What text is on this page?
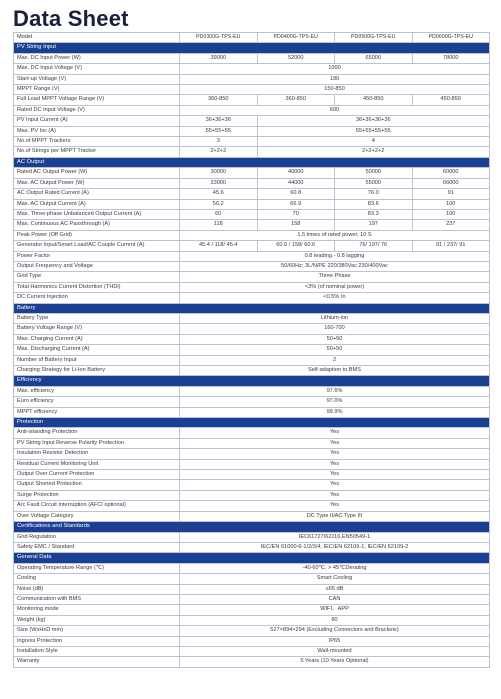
Data Sheet
Model	PD0300G-TPS-EU	PD0400G-TPS-EU	PD0500G-TPS-EU	PD0600G-TPS-EU
PV String Input				
Max. DC Input Power (W)	39000	52000	65000	78000
Max. DC Input Voltage (V)	1000			
Start-up Voltage (V)	180			
MPPT Range (V)	150-850			
Full Load MPPT Voltage Range (V)	360-850	360-850	450-850	450-850
Rated DC Input Voltage (V)	600			
PV Input Current (A)	36+36+36	36+36+36+36		
Max. PV Isc (A)	55+55+55	55+55+55+55		
No.of MPPT Trackers	3	4		
No.of Strings per MPPT Tracker	2+2+2	2+2+2+2		
AC Output				
Rated AC Output Power (W)	30000	40000	50000	60000
Max. AC Output Power (W)	33000	44000	55000	66000
AC Output Rated Current (A)	45.6	60.8	76.0	91
Max. AC Output Current (A)	50.2	66.9	83.6	100
Max. Three-phase Unbalanced Output Current (A)	60	70	83.3	100
Max. Continuous AC Passthrough (A)	118	158	197	237
Peak Power (Off Grid)	1.5 times of rated power, 10 S			
Generator Input/Smart Load/AC Couple Current (A)	45.4 / 118/ 45.4	60.6 / 158/ 60.6	76/ 197/ 76	91 / 237/ 91
Power Factor	0.8 leading - 0.8 lagging			
Output Frequency and Voltage	50/60Hz; 3L/N/PE 220/380Vac 230/400Vac			
Grid Type	Three Phase			
Total Harmonics Current Distortion (THDi)	<3% (of nominal power)			
DC Current Injection	<0.5% In			
Battery				
Battery Type	Lithium-ion			
Battery Voltage Range (V)	160-700			
Max. Charging Current (A)	50+50			
Max. Discharging Current (A)	50+50			
Number of Battery Input	2			
Charging Strategy for Li-Ion Battery	Self-adaption to BMS			
Efficiency				
Max. efficiency	97.6%			
Euro efficiency	97.0%			
MPPT efficiency	99.9%			
Protection				
Anti-islanding Protection	Yes			
PV String Input Reverse Polarity Protection	Yes			
Insulation Resistor Detection	Yes			
Residual Current Monitoring Unit	Yes			
Output Over Current Protection	Yes			
Output Shorted Protection	Yes			
Surge Protection	Yes			
Arc Fault Circuit Interruption (AFCI optional)	Yes			
Over Voltage Category	DC Type II/AC Type III			
Certifications and Standards				
Grid Regulation	IEC61727/62116,EN50549-1			
Safety EMC / Standard	IEC/EN 61000-6-1/2/3/4, IEC/EN 62109-1, IEC/EN 62109-2			
General Data				
Operating Temperature Range (℃)	-40-60℃, > 45℃Derating			
Cooling	Smart Cooling			
Noise (dB)	≤65 dB			
Communication with BMS	CAN			
Monitoring mode	WIFI、APP			
Weight (kg)	80			
Size (WxHxD mm)	527×894×294 (Excluding Connectors and Brackets)			
Ingress Protection	IP65			
Installation Style	Wall-mounted			
Warranty	5 Years (10 Years Optional)			
